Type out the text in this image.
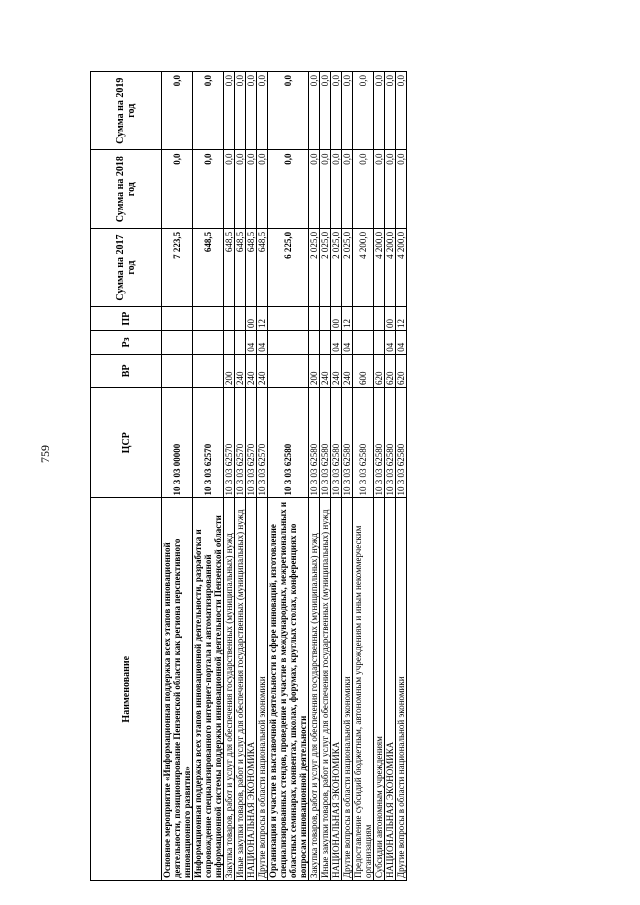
759
Наименование	ЦСР	ВР	Рз	ПР	Сумма на 2017 год	Сумма на 2018 год	Сумма на 2019 год
Основное мероприятие «Информационная поддержка всех этапов инновационной деятельности, позиционирование Пензенской области как региона перспективного инновационного развития»	10 3 03 00000				7 223,5	0,0	0,0
Информационная поддержка всех этапов инновационной деятельности, разработка и сопровождение специализированного интернет-портала и автоматизированной информационной системы поддержки инновационной деятельности Пензенской области	10 3 03 62570				648,5	0,0	0,0
Закупка товаров, работ и услуг для обеспечения государственных (муниципальных) нужд	10 3 03 62570	200			648,5	0,0	0,0
Иные закупки товаров, работ и услуг для обеспечения государственных (муниципальных) нужд	10 3 03 62570	240			648,5	0,0	0,0
НАЦИОНАЛЬНАЯ ЭКОНОМИКА	10 3 03 62570	240	04	00	648,5	0,0	0,0
Другие вопросы в области национальной экономики	10 3 03 62570	240	04	12	648,5	0,0	0,0
Организация и участие в выставочной деятельности в сфере инноваций, изготовление специализированных стендов, проведение и участие в международных, межрегиональных и областных семинарах, конвентах, школах, форумах, круглых столах, конференциях по вопросам инновационной деятельности	10 3 03 62580				6 225,0	0,0	0,0
Закупка товаров, работ и услуг для обеспечения государственных (муниципальных) нужд	10 3 03 62580	200			2 025,0	0,0	0,0
Иные закупки товаров, работ и услуг для обеспечения государственных (муниципальных) нужд	10 3 03 62580	240			2 025,0	0,0	0,0
НАЦИОНАЛЬНАЯ ЭКОНОМИКА	10 3 03 62580	240	04	00	2 025,0	0,0	0,0
Другие вопросы в области национальной экономики	10 3 03 62580	240	04	12	2 025,0	0,0	0,0
Предоставление субсидий бюджетным, автономным учреждениям и иным некоммерческим организациям	10 3 03 62580	600			4 200,0	0,0	0,0
Субсидии автономным учреждениям	10 3 03 62580	620			4 200,0	0,0	0,0
НАЦИОНАЛЬНАЯ ЭКОНОМИКА	10 3 03 62580	620	04	00	4 200,0	0,0	0,0
Другие вопросы в области национальной экономики	10 3 03 62580	620	04	12	4 200,0	0,0	0,0
